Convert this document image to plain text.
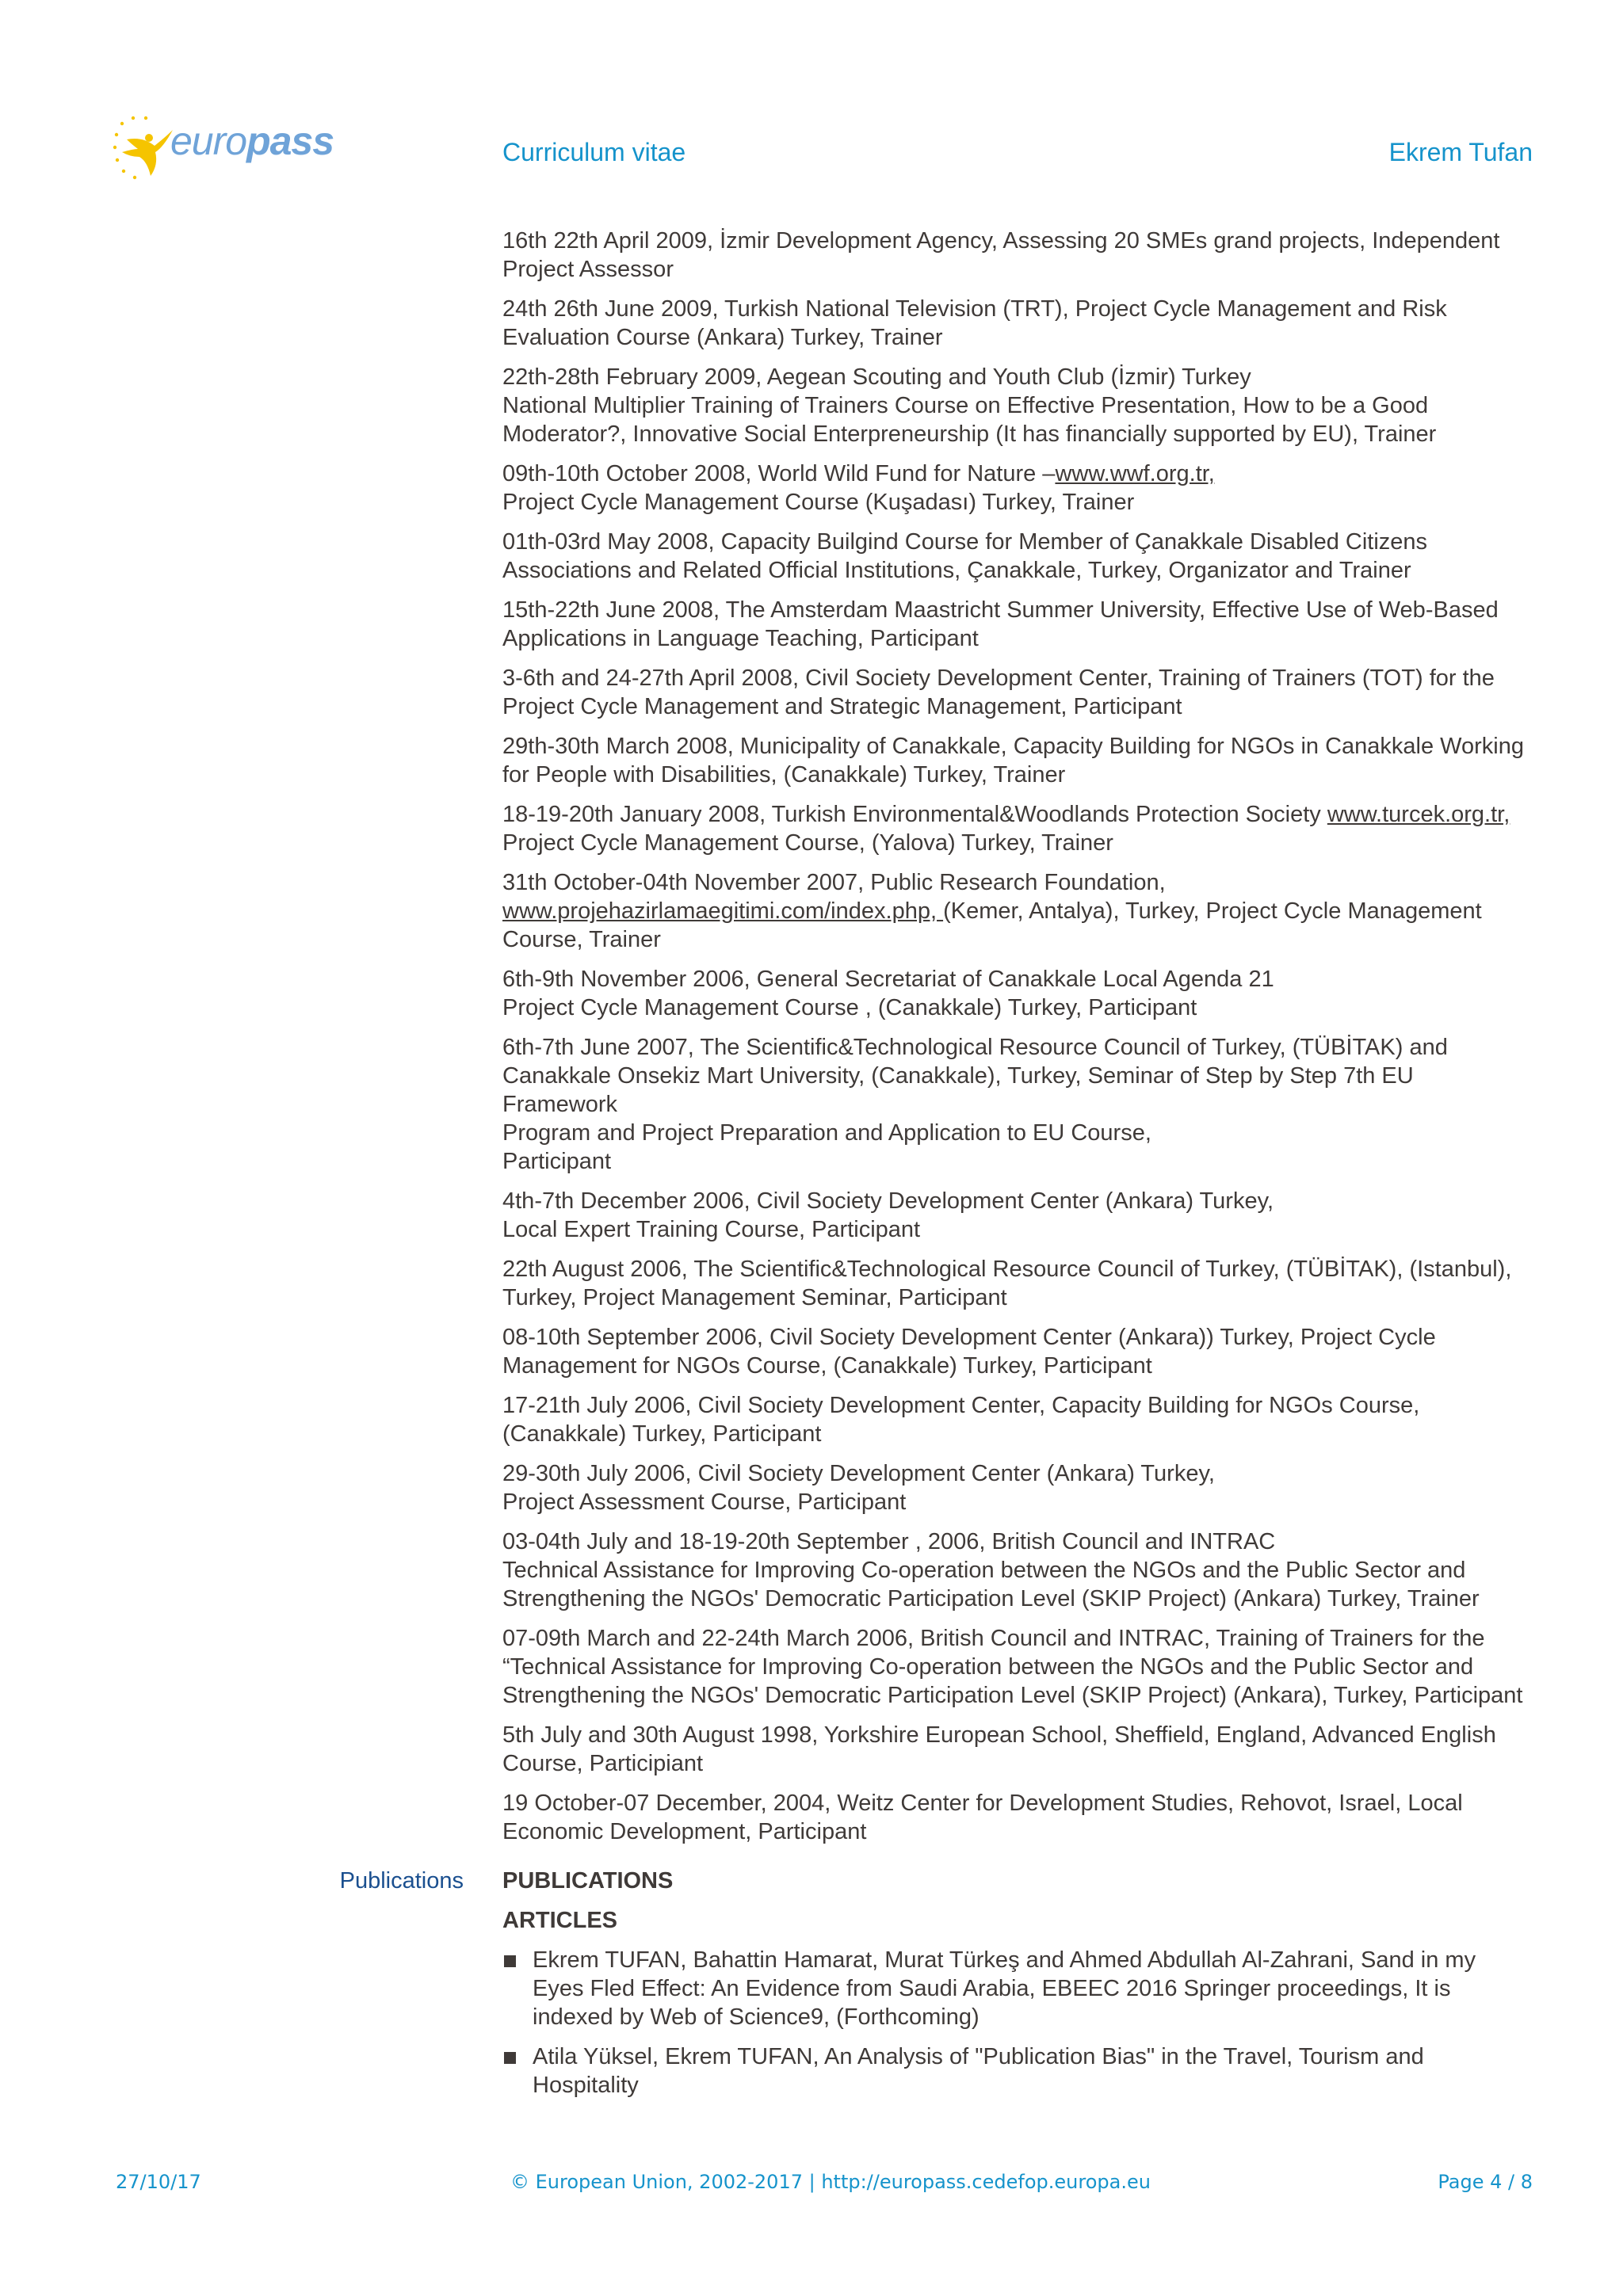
europass	Curriculum vitae	Ekrem Tufan
16th 22th April 2009, İzmir Development Agency, Assessing 20 SMEs grand projects, Independent
Project Assessor
24th 26th June 2009, Turkish National Television (TRT), Project Cycle Management and Risk
Evaluation Course (Ankara) Turkey, Trainer
22th-28th February 2009, Aegean Scouting and Youth Club (İzmir) Turkey
National Multiplier Training of Trainers Course on Effective Presentation, How to be a Good
Moderator?, Innovative Social Enterpreneurship (It has financially supported by EU), Trainer
09th-10th October 2008, World Wild Fund for Nature –www.wwf.org.tr,
Project Cycle Management Course (Kuşadası) Turkey, Trainer
01th-03rd May 2008, Capacity Builgind Course for Member of Çanakkale Disabled Citizens
Associations and Related Official Institutions, Çanakkale, Turkey, Organizator and Trainer
15th-22th June 2008, The Amsterdam Maastricht Summer University, Effective Use of Web-Based
Applications in Language Teaching, Participant
3-6th and 24-27th April 2008, Civil Society Development Center, Training of Trainers (TOT) for the
Project Cycle Management and Strategic Management, Participant
29th-30th March 2008, Municipality of Canakkale, Capacity Building for NGOs in Canakkale Working
for People with Disabilities, (Canakkale) Turkey, Trainer
18-19-20th January 2008, Turkish Environmental&Woodlands Protection Society www.turcek.org.tr,
Project Cycle Management Course, (Yalova) Turkey, Trainer
31th October-04th November 2007, Public Research Foundation,
www.projehazirlamaegitimi.com/index.php, (Kemer, Antalya), Turkey, Project Cycle Management
Course, Trainer
6th-9th November 2006, General Secretariat of Canakkale Local Agenda 21
Project Cycle Management Course , (Canakkale) Turkey, Participant
6th-7th June 2007, The Scientific&Technological Resource Council of Turkey, (TÜBİTAK) and
Canakkale Onsekiz Mart University, (Canakkale), Turkey, Seminar of Step by Step 7th EU Framework
Program and Project Preparation and Application to EU Course,
Participant
4th-7th December 2006, Civil Society Development Center (Ankara) Turkey,
Local Expert Training Course, Participant
22th August 2006, The Scientific&Technological Resource Council of Turkey, (TÜBİTAK), (Istanbul),
Turkey, Project Management Seminar, Participant
08-10th September 2006, Civil Society Development Center (Ankara)) Turkey, Project Cycle
Management for NGOs Course, (Canakkale) Turkey, Participant
17-21th July 2006, Civil Society Development Center, Capacity Building for NGOs Course,
(Canakkale) Turkey, Participant
29-30th July 2006, Civil Society Development Center (Ankara) Turkey,
Project Assessment Course, Participant
03-04th July and 18-19-20th September , 2006, British Council and INTRAC
Technical Assistance for Improving Co-operation between the NGOs and the Public Sector and
Strengthening the NGOs' Democratic Participation Level (SKIP Project) (Ankara) Turkey, Trainer
07-09th March and 22-24th March 2006, British Council and INTRAC, Training of Trainers for the
“Technical Assistance for Improving Co-operation between the NGOs and the Public Sector and
Strengthening the NGOs' Democratic Participation Level (SKIP Project) (Ankara), Turkey, Participant
5th July and 30th August 1998, Yorkshire European School, Sheffield, England, Advanced English
Course, Participiant
19 October-07 December, 2004, Weitz Center for Development Studies, Rehovot, Israel, Local
Economic Development, Participant
Publications PUBLICATIONS
ARTICLES
Ekrem TUFAN, Bahattin Hamarat, Murat Türkeş and Ahmed Abdullah Al-Zahrani, Sand in my
Eyes Fled Effect: An Evidence from Saudi Arabia, EBEEC 2016 Springer proceedings, It is
indexed by Web of Science9, (Forthcoming)
Atila Yüksel, Ekrem TUFAN, An Analysis of "Publication Bias" in the Travel, Tourism and Hospitality
27/10/17	© European Union, 2002-2017 | http://europass.cedefop.europa.eu	Page 4 / 8
